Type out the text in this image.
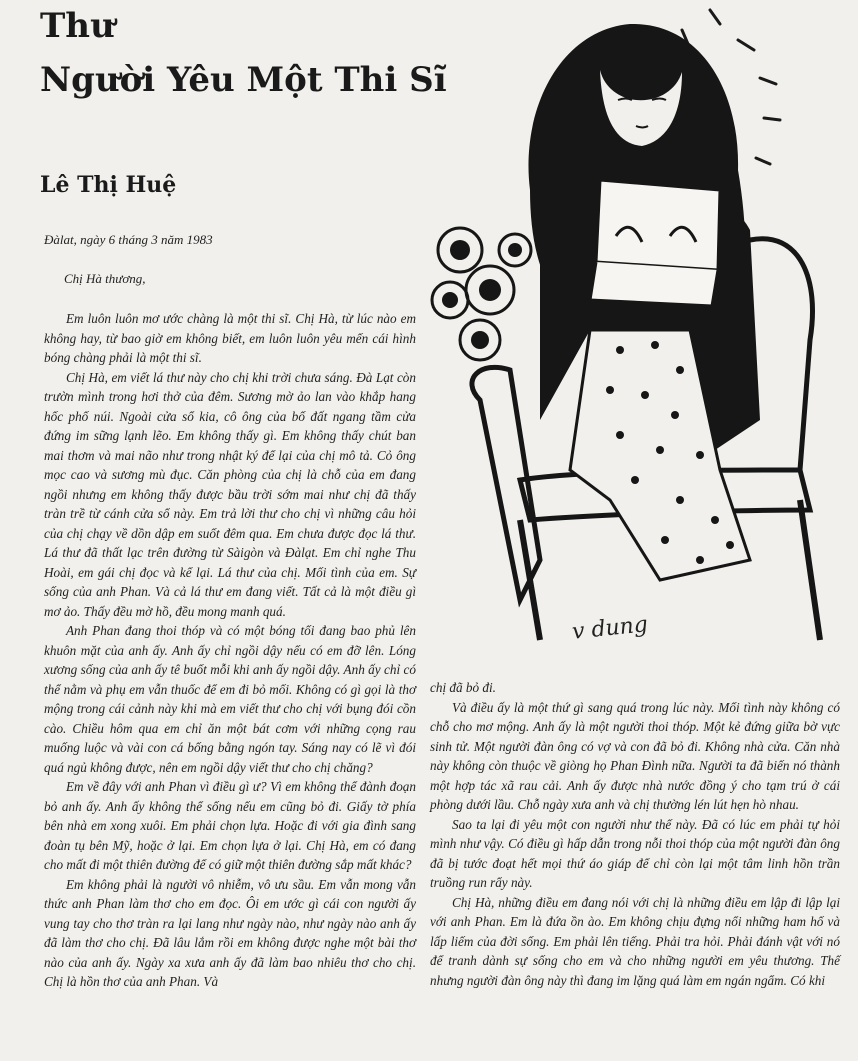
Thư
Người Yêu Một Thi Sĩ
Lê Thị Huệ
Đàlat, ngày 6 tháng 3 năm 1983
Chị Hà thương,
v dung

Em luôn luôn mơ ước chàng là một thi sĩ. Chị Hà, từ lúc nào em không hay, từ bao giờ em không biết, em luôn luôn yêu mến cái hình bóng chàng phải là một thi sĩ.

Chị Hà, em viết lá thư này cho chị khi trời chưa sáng. Đà Lạt còn trườn mình trong hơi thở của đêm. Sương mờ ảo lan vào khắp hang hốc phố núi. Ngoài cửa sổ kia, cô ông của bố đất ngang tầm cửa đứng im sững lạnh lẽo. Em không thấy gì. Em không thấy chút ban mai thơm và mai não như trong nhật ký để lại của chị mô tả. Cỏ ông mọc cao và sương mù đục. Căn phòng của chị là chỗ của em đang ngồi nhưng em không thấy được bầu trời sớm mai như chị đã thấy tràn trề từ cánh cửa sổ này. Em trả lời thư cho chị vì những câu hỏi của chị chạy về dồn dập em suốt đêm qua. Em chưa được đọc lá thư. Lá thư đã thất lạc trên đường từ Sàigòn và Đàlạt. Em chỉ nghe Thu Hoài, em gái chị đọc và kể lại. Lá thư của chị. Mối tình của em. Sự sống của anh Phan. Và cả lá thư em đang viết. Tất cả là một điều gì mơ ảo. Thấy đều mờ hồ, đều mong manh quá.

Anh Phan đang thoi thóp và có một bóng tối đang bao phủ lên khuôn mặt của anh ấy. Anh ấy chỉ ngồi dậy nếu có em đỡ lên. Lóng xương sống của anh ấy tê buốt mỗi khi anh ấy ngồi dậy. Anh ấy chỉ có thể nằm và phụ em vẫn thuốc để em đi bỏ mối. Không có gì gọi là thơ mộng trong cái cảnh này khi mà em viết thư cho chị với bụng đói cồn cào. Chiều hôm qua em chỉ ăn một bát cơm với những cọng rau muống luộc và vài con cá bống bằng ngón tay. Sáng nay có lẽ vì đói quá ngủ không được, nên em ngồi dậy viết thư cho chị chăng?

Em về đây với anh Phan vì điều gì ư? Vì em không thể đành đoạn bỏ anh ấy. Anh ấy không thể sống nếu em cũng bỏ đi. Giấy tờ phía bên nhà em xong xuôi. Em phải chọn lựa. Hoặc đi với gia đình sang đoàn tụ bên Mỹ, hoặc ở lại. Em chọn lựa ở lại. Chị Hà, em có đang cho mất đi một thiên đường để có giữ một thiên đường sắp mất khác?

Em không phải là người vô nhiễm, vô ưu sầu. Em vẫn mong vẫn thức anh Phan làm thơ cho em đọc. Ôi em ước gì cái con người ấy vung tay cho thơ tràn ra lại lang như ngày nào, như ngày nào anh ấy đã làm thơ cho chị. Đã lâu lắm rồi em không được nghe một bài thơ nào của anh ấy. Ngày xa xưa anh ấy đã làm bao nhiêu thơ cho chị. Chị là hồn thơ của anh Phan. Và

chị đã bỏ đi.

Và điều ấy là một thứ gì sang quá trong lúc này. Mối tình này không có chỗ cho mơ mộng. Anh ấy là một người thoi thóp. Một kẻ đứng giữa bờ vực sinh tử. Một người đàn ông có vợ và con đã bỏ đi. Không nhà cửa. Căn nhà này không còn thuộc về giòng họ Phan Đình nữa. Người ta đã biến nó thành một hợp tác xã rau cải. Anh ấy được nhà nước đồng ý cho tạm trú ở cái phòng dưới lầu. Chỗ ngày xưa anh và chị thường lén lút hẹn hò nhau.

Sao ta lại đi yêu một con người như thế này. Đã có lúc em phải tự hỏi mình như vậy. Có điều gì hấp dẫn trong nỗi thoi thóp của một người đàn ông đã bị tước đoạt hết mọi thứ áo giáp để chỉ còn lại một tâm linh hồn trần truồng run rẩy này.

Chị Hà, những điều em đang nói với chị là những điều em lập đi lập lại với anh Phan. Em là đứa ồn ào. Em không chịu đựng nổi những ham hố và lấp liếm của đời sống. Em phải lên tiếng. Phải tra hỏi. Phải đánh vật với nó để tranh dành sự sống cho em và cho những người em yêu thương. Thế nhưng người đàn ông này thì đang im lặng quá làm em ngán ngẩm. Có khi
